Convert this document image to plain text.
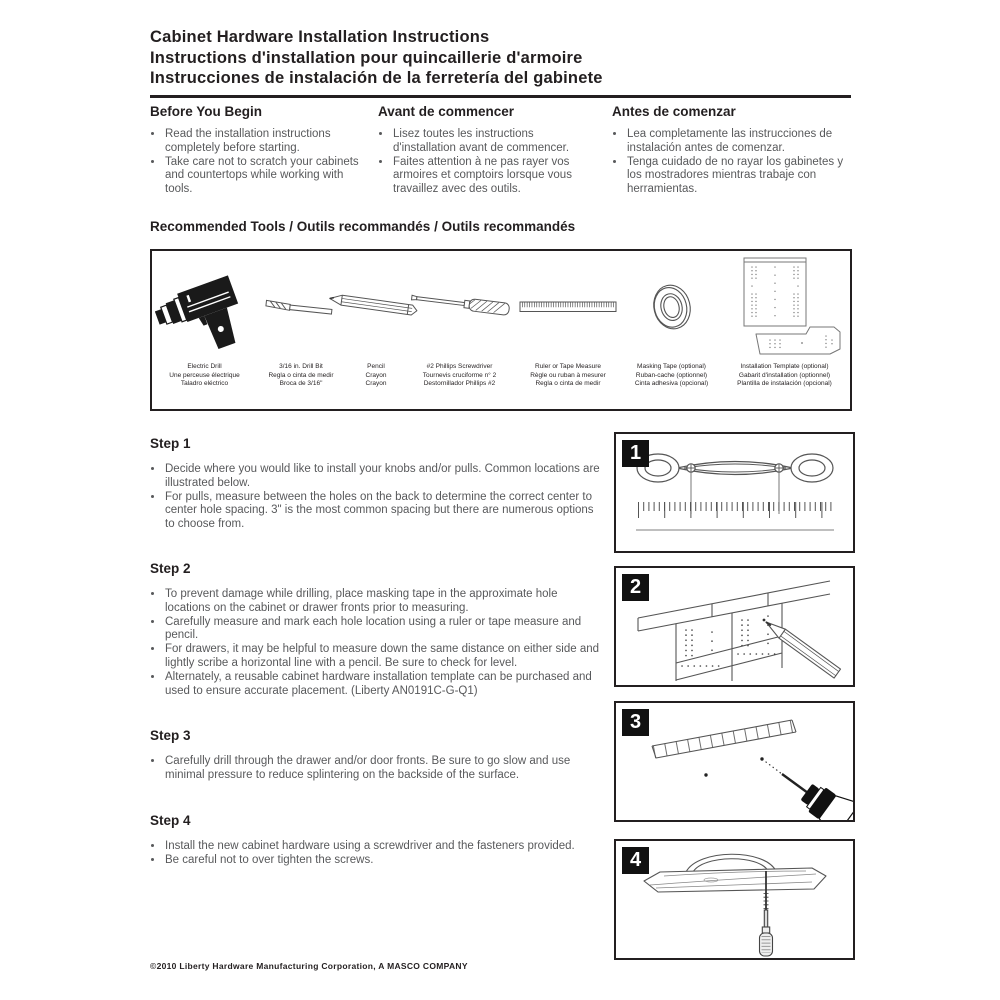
Cabinet Hardware Installation Instructions
Instructions d'installation pour quincaillerie d'armoire
Instrucciones de instalación de la ferretería del gabinete
Before You Begin
• Read the installation instructions completely before starting.
• Take care not to scratch your cabinets and countertops while working with tools.
Avant de commencer
• Lisez toutes les instructions d'installation avant de commencer.
• Faites attention à ne pas rayer vos armoires et comptoirs lorsque vous travaillez avec des outils.
Antes de comenzar
• Lea completamente las instrucciones de instalación antes de comenzar.
• Tenga cuidado de no rayar los gabinetes y los mostradores mientras trabaje con herramientas.
Recommended Tools / Outils recommandés / Outils recommandés
Electric Drill
Une perceuse électrique
Taladro eléctrico
3/16 in. Drill Bit
Regla o cinta de medir
Broca de 3/16"
Pencil
Crayon
Crayon
#2 Phillips Screwdriver
Tournevis cruciforme n° 2
Destornillador Phillips #2
Ruler or Tape Measure
Règle ou ruban à mesurer
Regla o cinta de medir
Masking Tape (optional)
Ruban-cache (optionnel)
Cinta adhesiva (opcional)
Installation Template (optional)
Gabarit d'installation (optionnel)
Plantilla de instalación (opcional)
Step 1
• Decide where you would like to install your knobs and/or pulls. Common locations are illustrated below.
• For pulls, measure between the holes on the back to determine the correct center to center hole spacing. 3" is the most common spacing but there are numerous options to choose from.
1
Step 2
• To prevent damage while drilling, place masking tape in the approximate hole locations on the cabinet or drawer fronts prior to measuring.
• Carefully measure and mark each hole location using a ruler or tape measure and pencil.
• For drawers, it may be helpful to measure down the same distance on either side and lightly scribe a horizontal line with a pencil. Be sure to check for level.
• Alternately, a reusable cabinet hardware installation template can be purchased and used to ensure accurate placement. (Liberty AN0191C-G-Q1)
2
Step 3
• Carefully drill through the drawer and/or door fronts. Be sure to go slow and use minimal pressure to reduce splintering on the backside of the surface.
3
Step 4
• Install the new cabinet hardware using a screwdriver and the fasteners provided.
• Be careful not to over tighten the screws.	4
©2010 Liberty Hardware Manufacturing Corporation, A MASCO COMPANY
